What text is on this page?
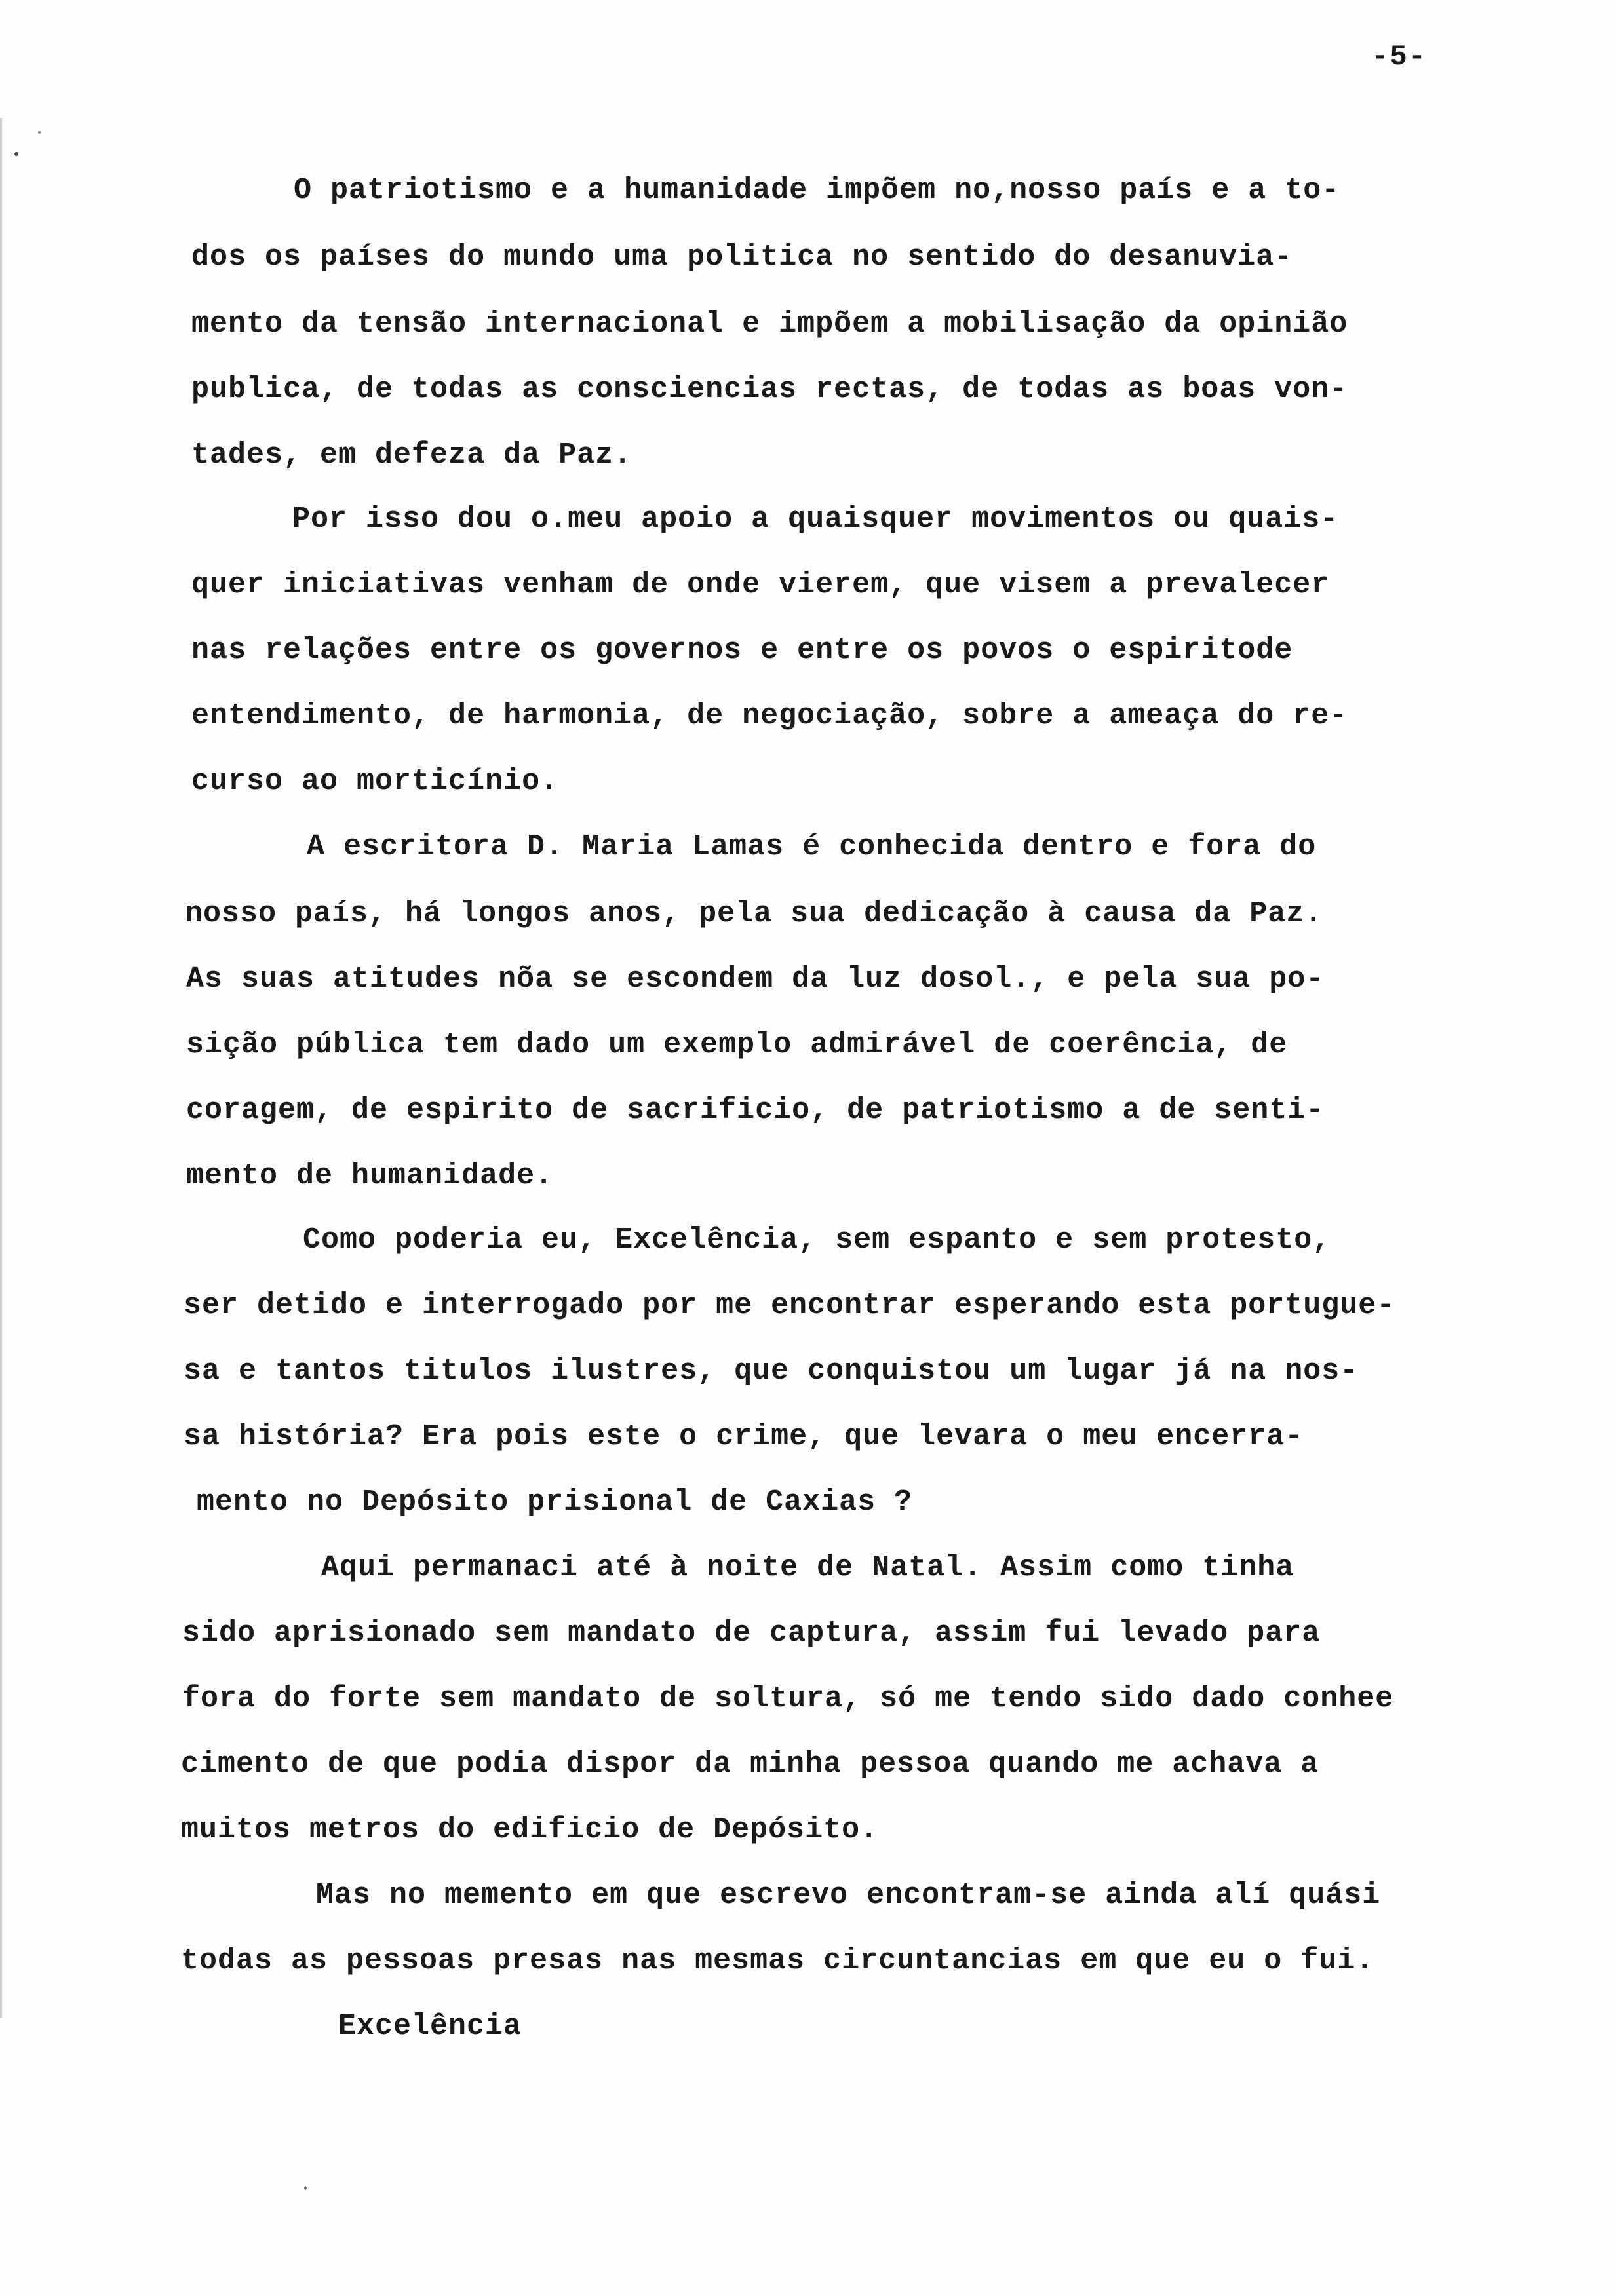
-5-
O patriotismo e a humanidade impõem no,nosso país e a to-
dos os países do mundo uma politica no sentido do desanuvia-
mento da tensão internacional e impõem a mobilisação da opinião
publica, de todas as consciencias rectas, de todas as boas von-
tades, em defeza da Paz.
Por isso dou o.meu apoio a quaisquer movimentos ou quais-
quer iniciativas venham de onde vierem, que visem a prevalecer
nas relações entre os governos e entre os povos o espiritode
entendimento, de harmonia, de negociação, sobre a ameaça do re-
curso ao morticínio.
A escritora D. Maria Lamas é conhecida dentro e fora do
nosso país, há longos anos, pela sua dedicação à causa da Paz.
As suas atitudes nõa se escondem da luz dosol., e pela sua po-
sição pública tem dado um exemplo admirável de coerência, de
coragem, de espirito de sacrificio, de patriotismo a de senti-
mento de humanidade.
Como poderia eu, Excelência, sem espanto e sem protesto,
ser detido e interrogado por me encontrar esperando esta portugue-
sa e tantos titulos ilustres, que conquistou um lugar já na nos-
sa história? Era pois este o crime, que levara o meu encerra-
mento no Depósito prisional de Caxias ?
Aqui permanaci até à noite de Natal. Assim como tinha
sido aprisionado sem mandato de captura, assim fui levado para
fora do forte sem mandato de soltura, só me tendo sido dado conhee
cimento de que podia dispor da minha pessoa quando me achava a
muitos metros do edificio de Depósito.
Mas no memento em que escrevo encontram-se ainda alí quási
todas as pessoas presas nas mesmas circuntancias em que eu o fui.
Excelência
